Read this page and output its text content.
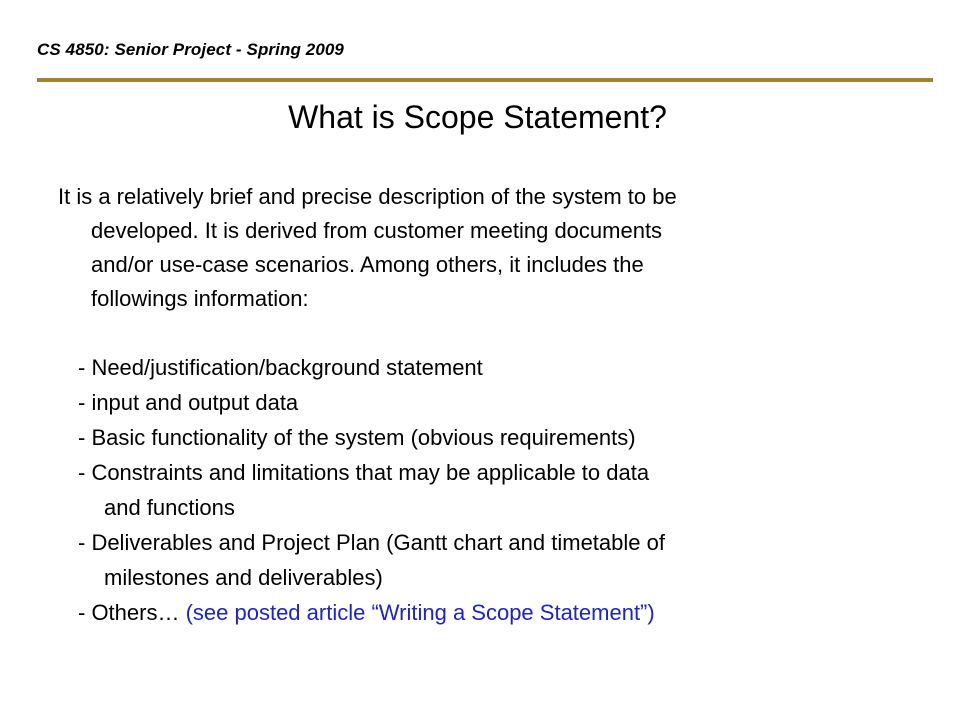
CS 4850: Senior Project - Spring 2009
What is Scope Statement?
It is a relatively brief and precise description of the system to be
developed. It is derived from customer meeting documents
and/or use-case scenarios. Among others, it includes the
followings information:
- Need/justification/background statement
- input and output data
- Basic functionality of the system (obvious requirements)
- Constraints and limitations that may be applicable to data
and functions
- Deliverables and Project Plan (Gantt chart and timetable of
milestones and deliverables)
- Others… (see posted article “Writing a Scope Statement”)
